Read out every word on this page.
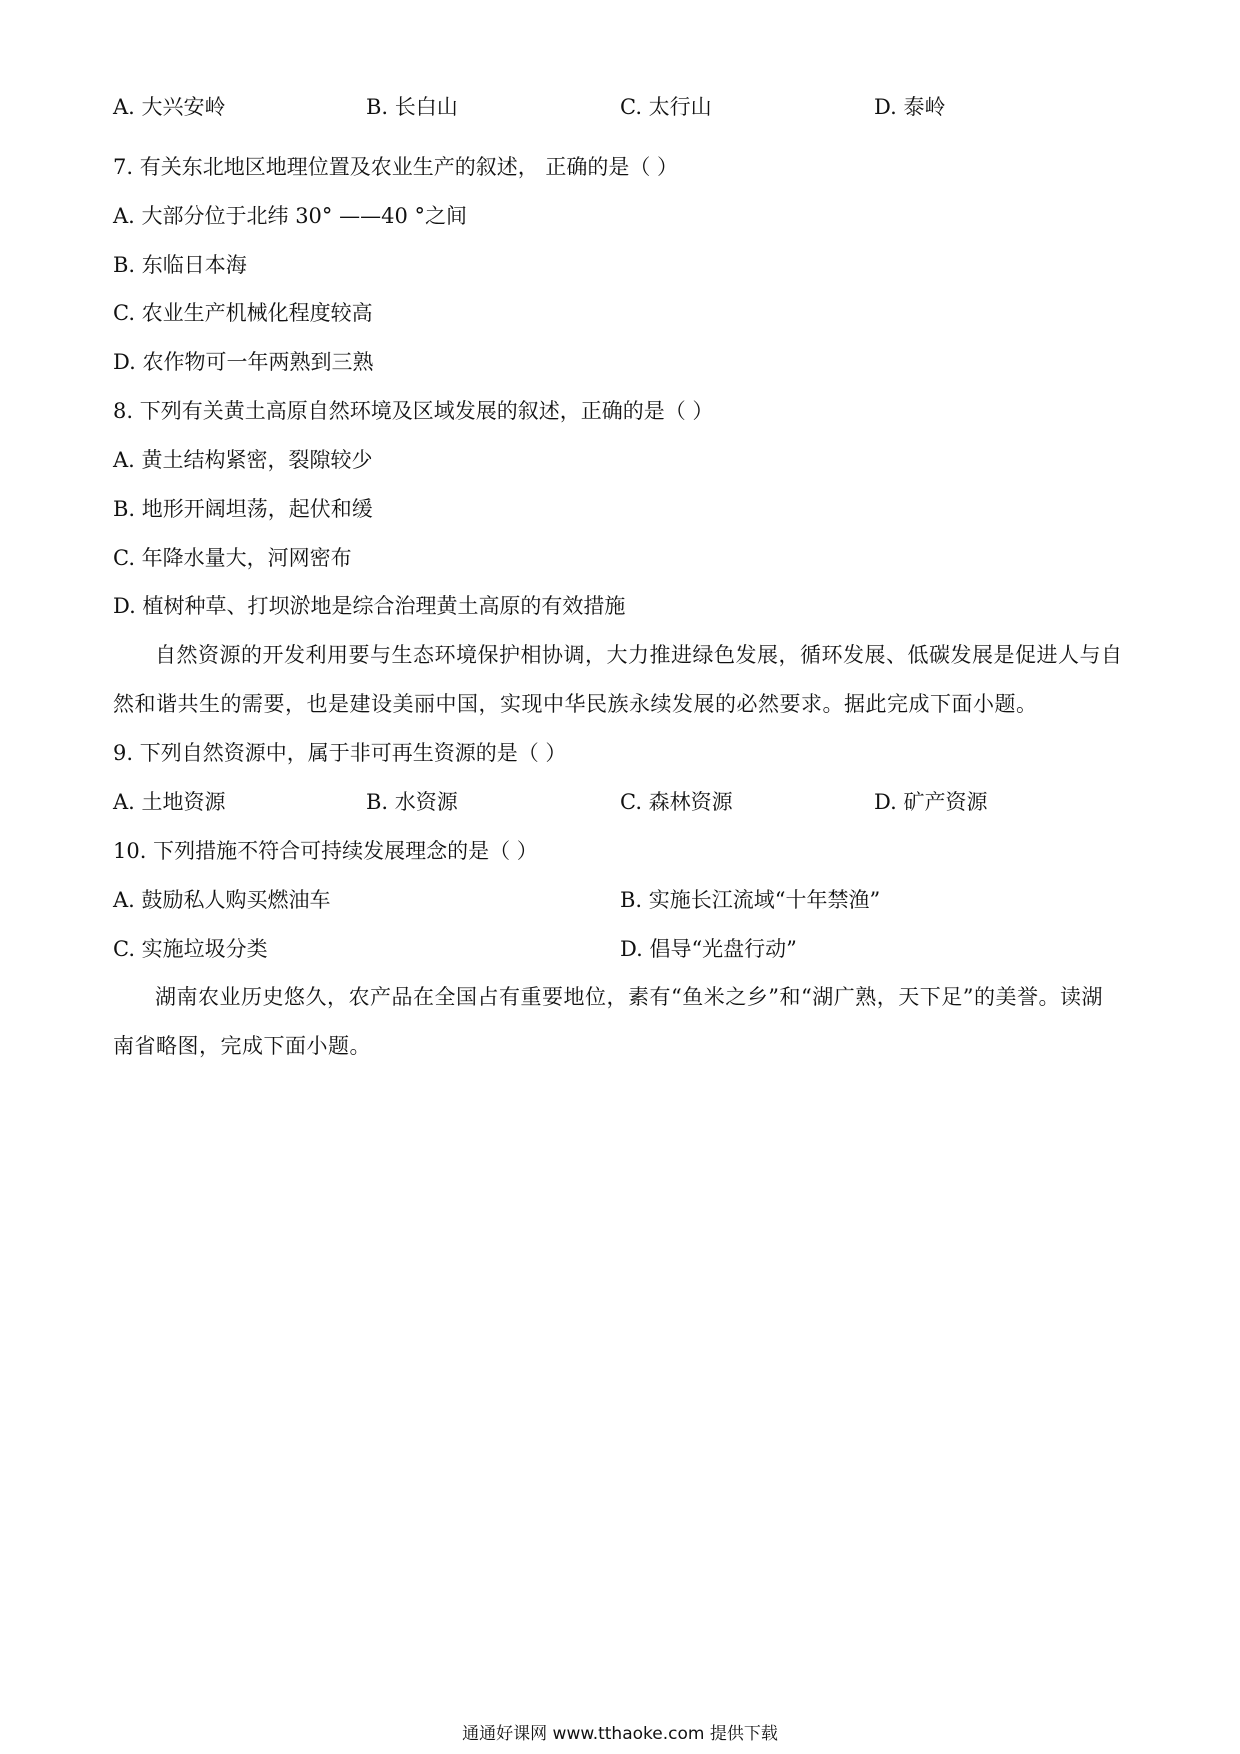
A. 大兴安岭	B. 长白山	C. 太行山	D. 泰岭
7. 有关东北地区地理位置及农业生产的叙述， 正确的是（ ）
A. 大部分位于北纬 30° ——40 °之间
B. 东临日本海
C. 农业生产机械化程度较高
D. 农作物可一年两熟到三熟
8. 下列有关黄土高原自然环境及区域发展的叙述，正确的是（ ）
A. 黄土结构紧密，裂隙较少
B. 地形开阔坦荡，起伏和缓
C. 年降水量大，河网密布
D. 植树种草、打坝淤地是综合治理黄土高原的有效措施
自然资源的开发利用要与生态环境保护相协调，大力推进绿色发展，循环发展、低碳发展是促进人与自然和谐共生的需要，也是建设美丽中国，实现中华民族永续发展的必然要求。据此完成下面小题。
9. 下列自然资源中，属于非可再生资源的是（ ）
A. 土地资源	B. 水资源	C. 森林资源	D. 矿产资源
10. 下列措施不符合可持续发展理念的是（ ）
A. 鼓励私人购买燃油车	B. 实施长江流域“十年禁渔”
C. 实施垃圾分类	D. 倡导“光盘行动”
湖南农业历史悠久，农产品在全国占有重要地位，素有“鱼米之乡”和“湖广熟，天下足”的美誉。读湖南省略图，完成下面小题。
通通好课网 www.tthaoke.com 提供下载
